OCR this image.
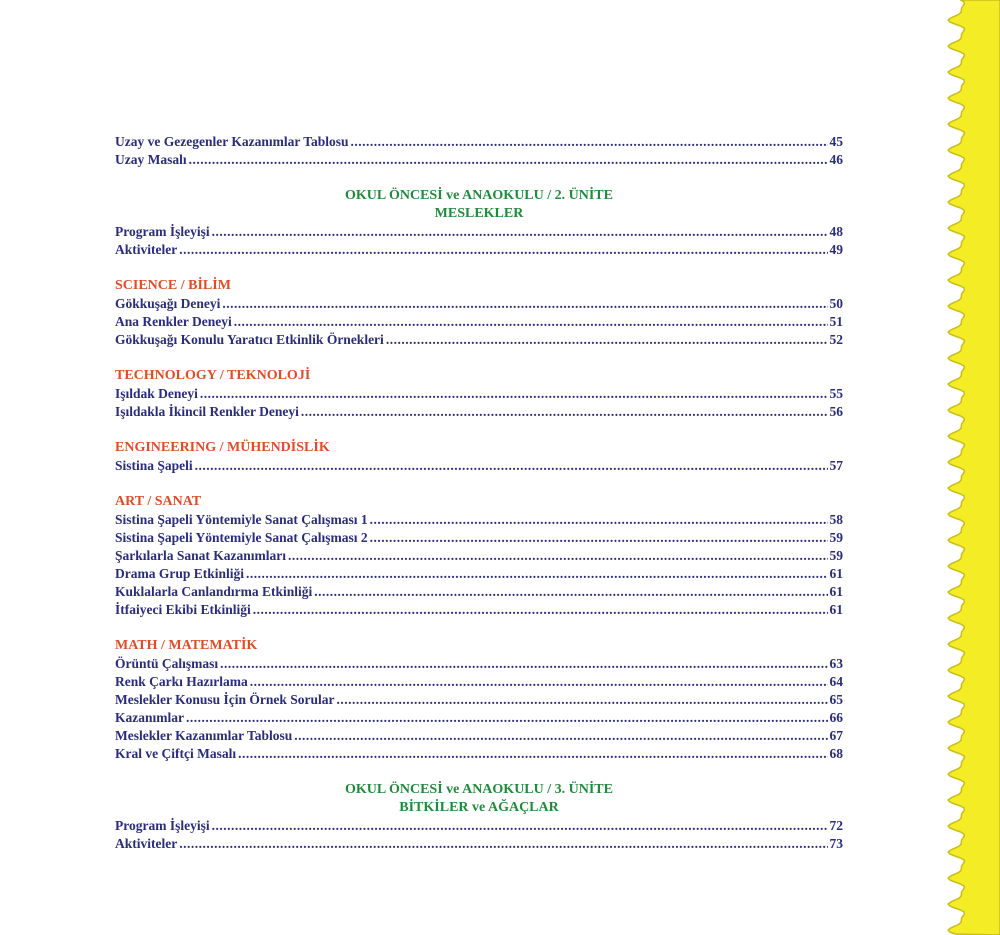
Uzay ve Gezegenler Kazanımlar Tablosu .....	45
Uzay Masalı .....	46
OKUL ÖNCESİ ve ANAOKULU / 2. ÜNİTE
MESLEKLER
Program İşleyişi .....	48
Aktiviteler .....	49
SCIENCE / BİLİM
Gökkuşağı Deneyi .....	50
Ana Renkler Deneyi .....	51
Gökkuşağı Konulu Yaratıcı Etkinlik Örnekleri .....	52
TECHNOLOGY / TEKNOLOJİ
Işıldak Deneyi .....	55
Işıldakla İkincil Renkler Deneyi .....	56
ENGINEERING / MÜHENDİSLİK
Sistina Şapeli .....	57
ART / SANAT
Sistina Şapeli Yöntemiyle Sanat Çalışması 1 .....	58
Sistina Şapeli Yöntemiyle Sanat Çalışması 2 .....	59
Şarkılarla Sanat Kazanımları .....	59
Drama Grup Etkinliği .....	61
Kuklalarla Canlandırma Etkinliği .....	61
İtfaiyeci Ekibi Etkinliği .....	61
MATH / MATEMATİK
Örüntü Çalışması .....	63
Renk Çarkı Hazırlama .....	64
Meslekler Konusu İçin Örnek Sorular .....	65
Kazanımlar .....	66
Meslekler Kazanımlar Tablosu .....	67
Kral ve Çiftçi Masalı .....	68
OKUL ÖNCESİ ve ANAOKULU / 3. ÜNİTE
BİTKİLER ve AĞAÇLAR
Program İşleyişi .....	72
Aktiviteler .....	73
